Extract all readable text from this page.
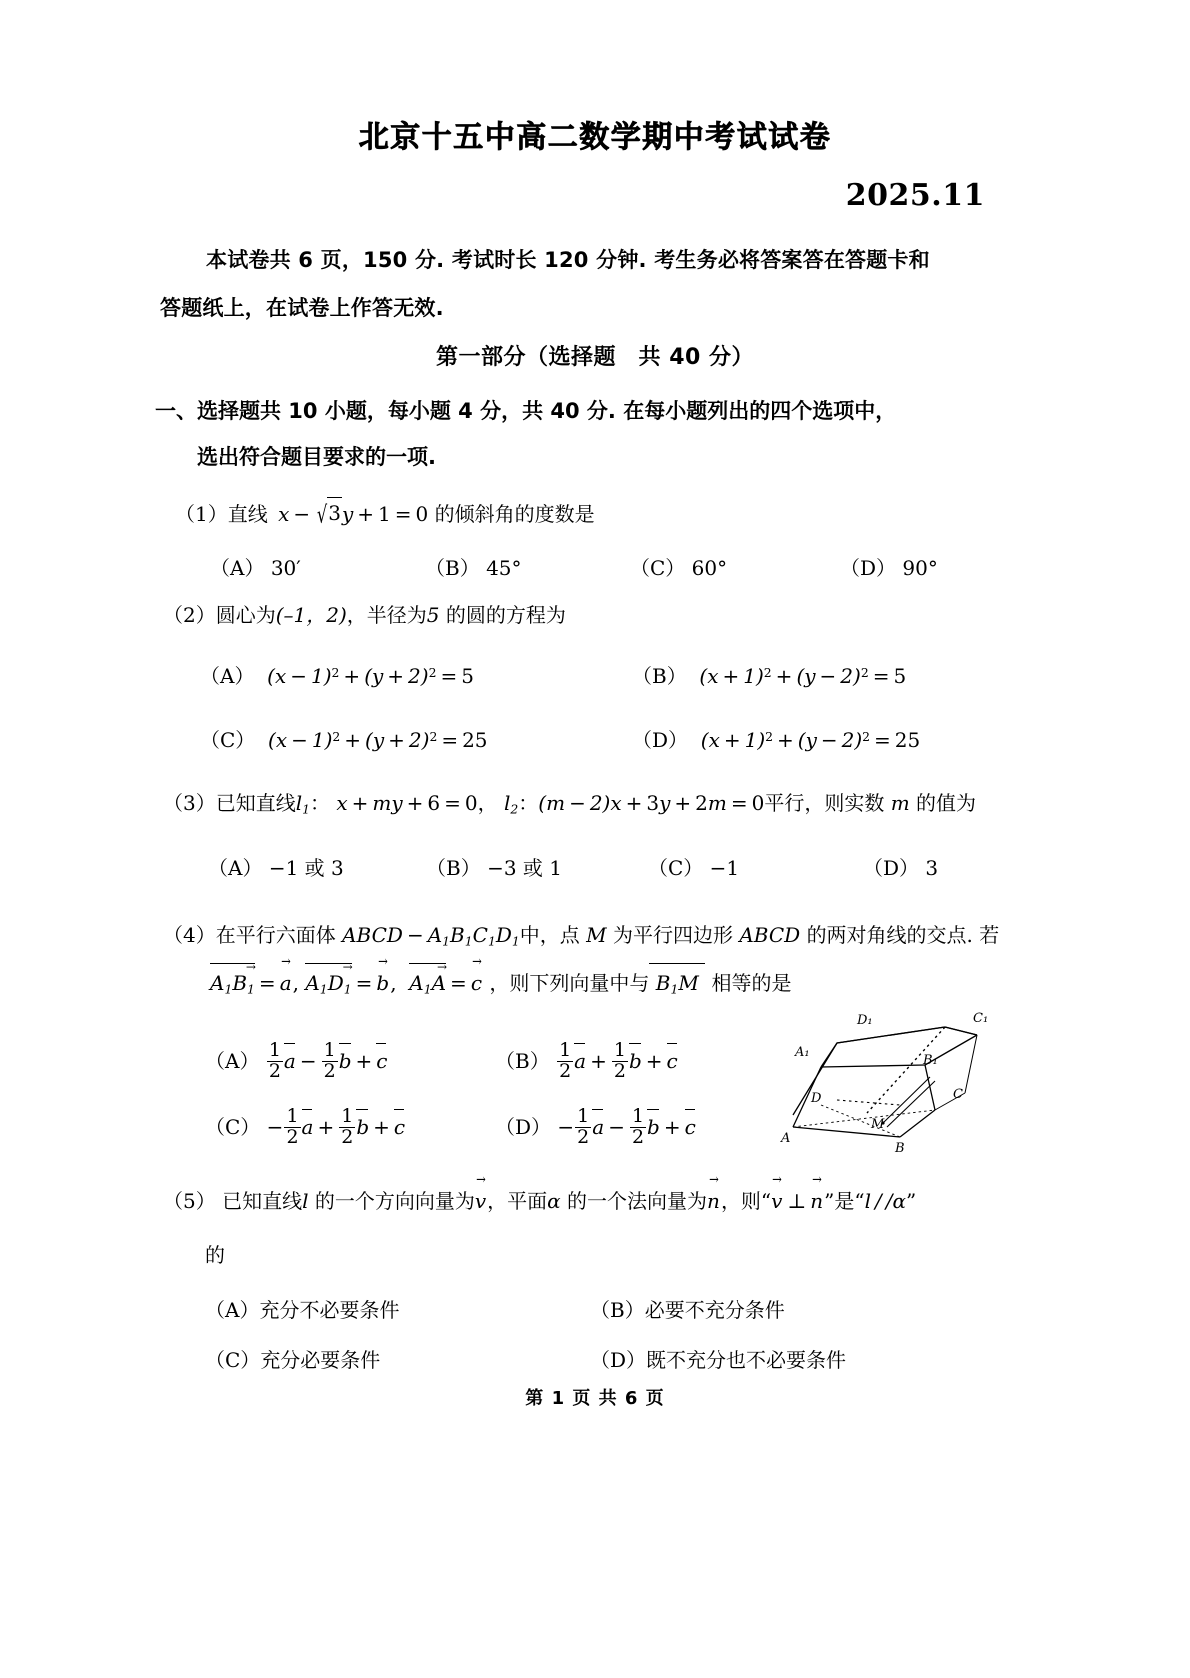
北京十五中高二数学期中考试试卷
2025.11
本试卷共 6 页，150 分. 考试时长 120 分钟. 考生务必将答案答在答题卡和
答题纸上，在试卷上作答无效.
第一部分（选择题　共 40 分）
一、选择题共 10 小题，每小题 4 分，共 40 分. 在每小题列出的四个选项中，
选出符合题目要求的一项.
（1）直线  x − √3y + 1 = 0 的倾斜角的度数是
（A） 30′	（B） 45°	（C） 60°	（D） 90°
（2）圆心为(–1，2)，半径为5 的圆的方程为
（A） $(x - 1)^2 + (y + 2)^2 = 5$	（B） $(x + 1)^2 + (y - 2)^2 = 5$
（C） $(x - 1)^2 + (y + 2)^2 = 25$	（D） $(x + 1)^2 + (y - 2)^2 = 25$
（3）已知直线$l_1$： x + my + 6 = 0， $l_2$：(m − 2)x + 3y + 2m = 0平行，则实数 m 的值为
（A） −1 或 3	（B） −3 或 1	（C） −1	（D） 3
（4）在平行六面体 ABCD − $A_1B_1C_1D_1$中，点 M 为平行四边形 ABCD 的两对角线的交点. 若
→
$A_1B_1 = a$ →,
→
$A_1D_1 = b$ →,
→
$A_1A = c$ → ，则下列向量中与 $B_1M$  相等的是
$(A) \frac{1}{2}$ $a - \frac{1}{2}$ b + c	$(B) \frac{1}{2}$ $a + \frac{1}{2}$ b + c
$(C) - \frac{1}{2}$ $a + \frac{1}{2}$ b + c	$(D) - \frac{1}{2}$ $a - \frac{1}{2}$ b + c
D₁	C₁
A₁
B₁
D	C
M
A
B
（5） 已知直线l 的一个方向向量为v →，平面α 的一个法向量为n →，则“v → ⊥ n →”是“l  /  /α”
的
（A）充分不必要条件	（B）必要不充分条件
（C）充分必要条件	（D）既不充分也不必要条件
第 1 页 共 6 页
